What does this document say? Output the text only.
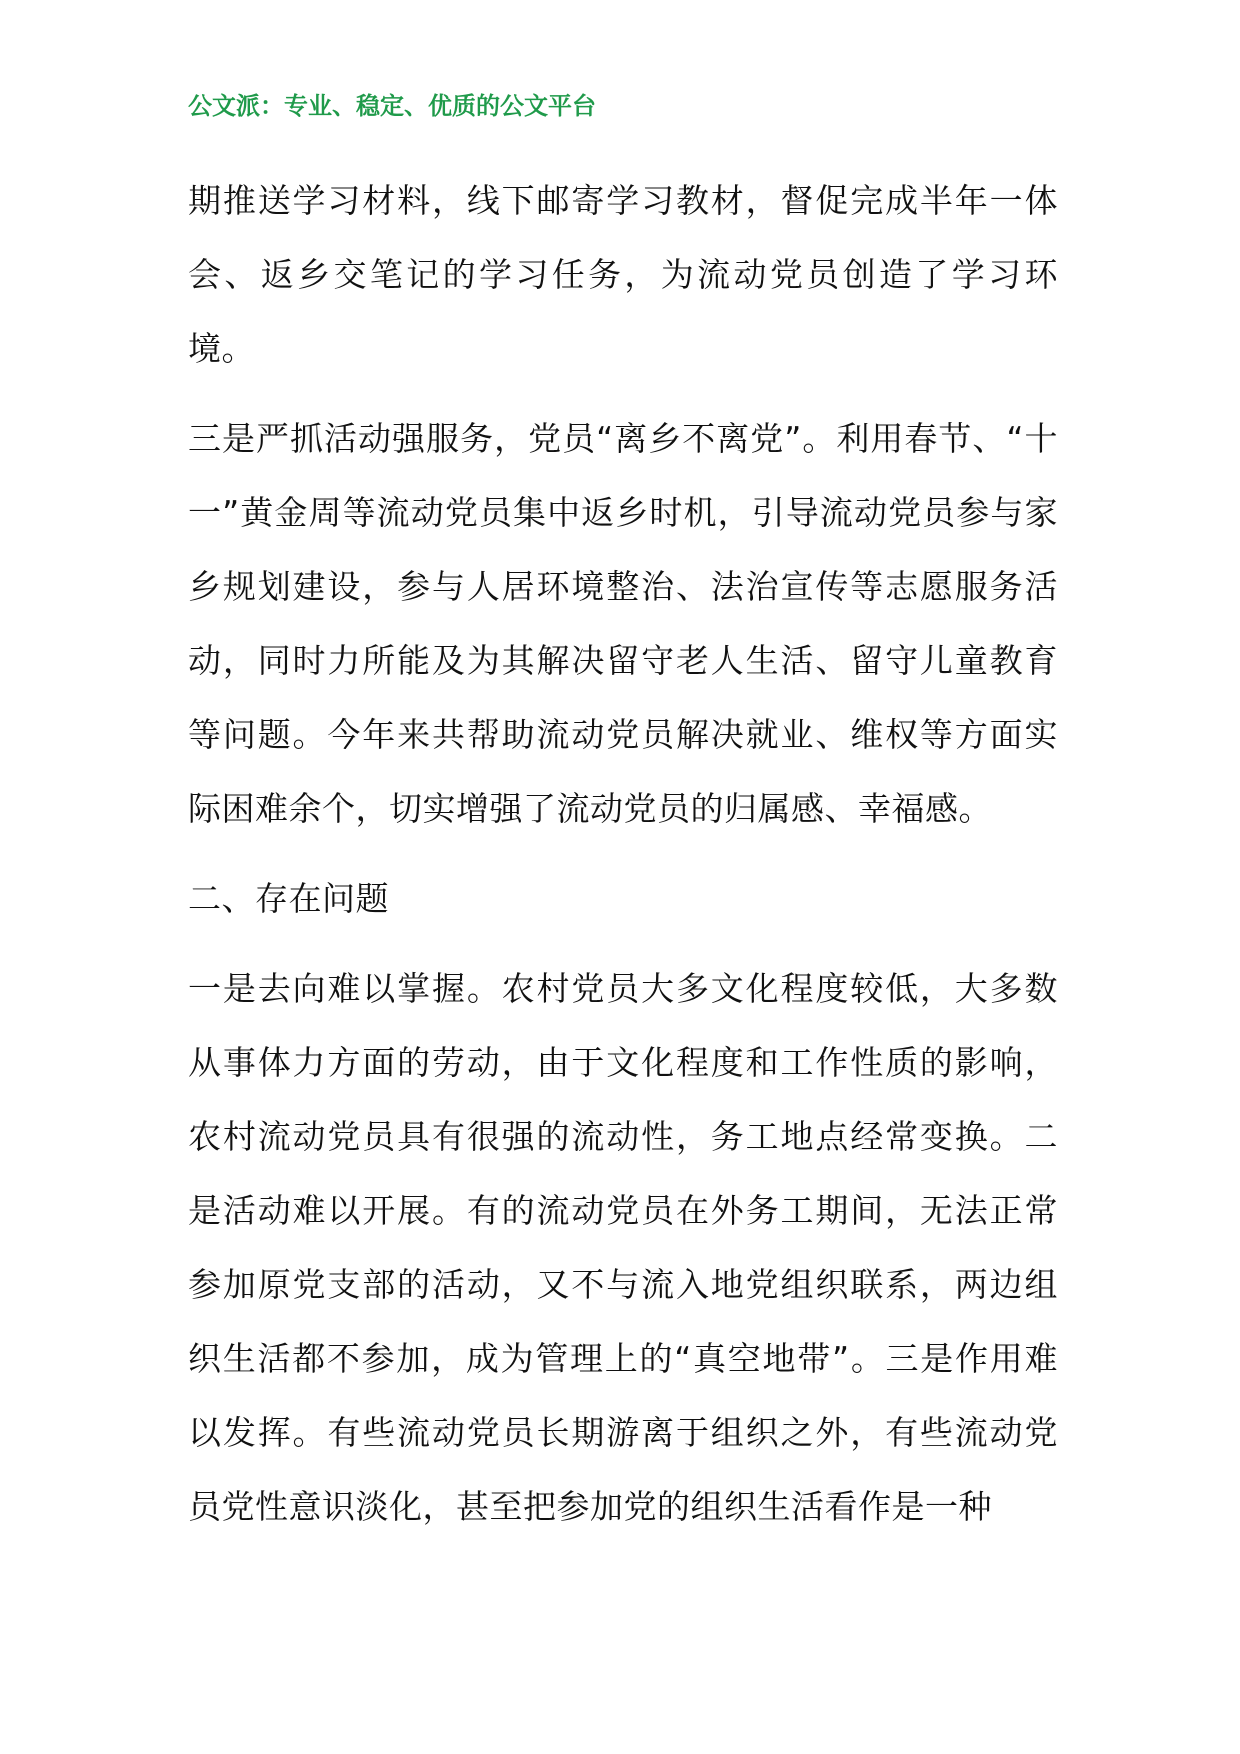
公文派：专业、稳定、优质的公文平台

期推送学习材料，线下邮寄学习教材，督促完成半年一体会、返乡交笔记的学习任务，为流动党员创造了学习环境。

三是严抓活动强服务，党员“离乡不离党”。利用春节、“十一”黄金周等流动党员集中返乡时机，引导流动党员参与家乡规划建设，参与人居环境整治、法治宣传等志愿服务活动，同时力所能及为其解决留守老人生活、留守儿童教育等问题。今年来共帮助流动党员解决就业、维权等方面实际困难余个，切实增强了流动党员的归属感、幸福感。

二、存在问题

一是去向难以掌握。农村党员大多文化程度较低，大多数从事体力方面的劳动，由于文化程度和工作性质的影响，农村流动党员具有很强的流动性，务工地点经常变换。二是活动难以开展。有的流动党员在外务工期间，无法正常参加原党支部的活动，又不与流入地党组织联系，两边组织生活都不参加，成为管理上的“真空地带”。三是作用难以发挥。有些流动党员长期游离于组织之外，有些流动党员党性意识淡化，甚至把参加党的组织生活看作是一种
